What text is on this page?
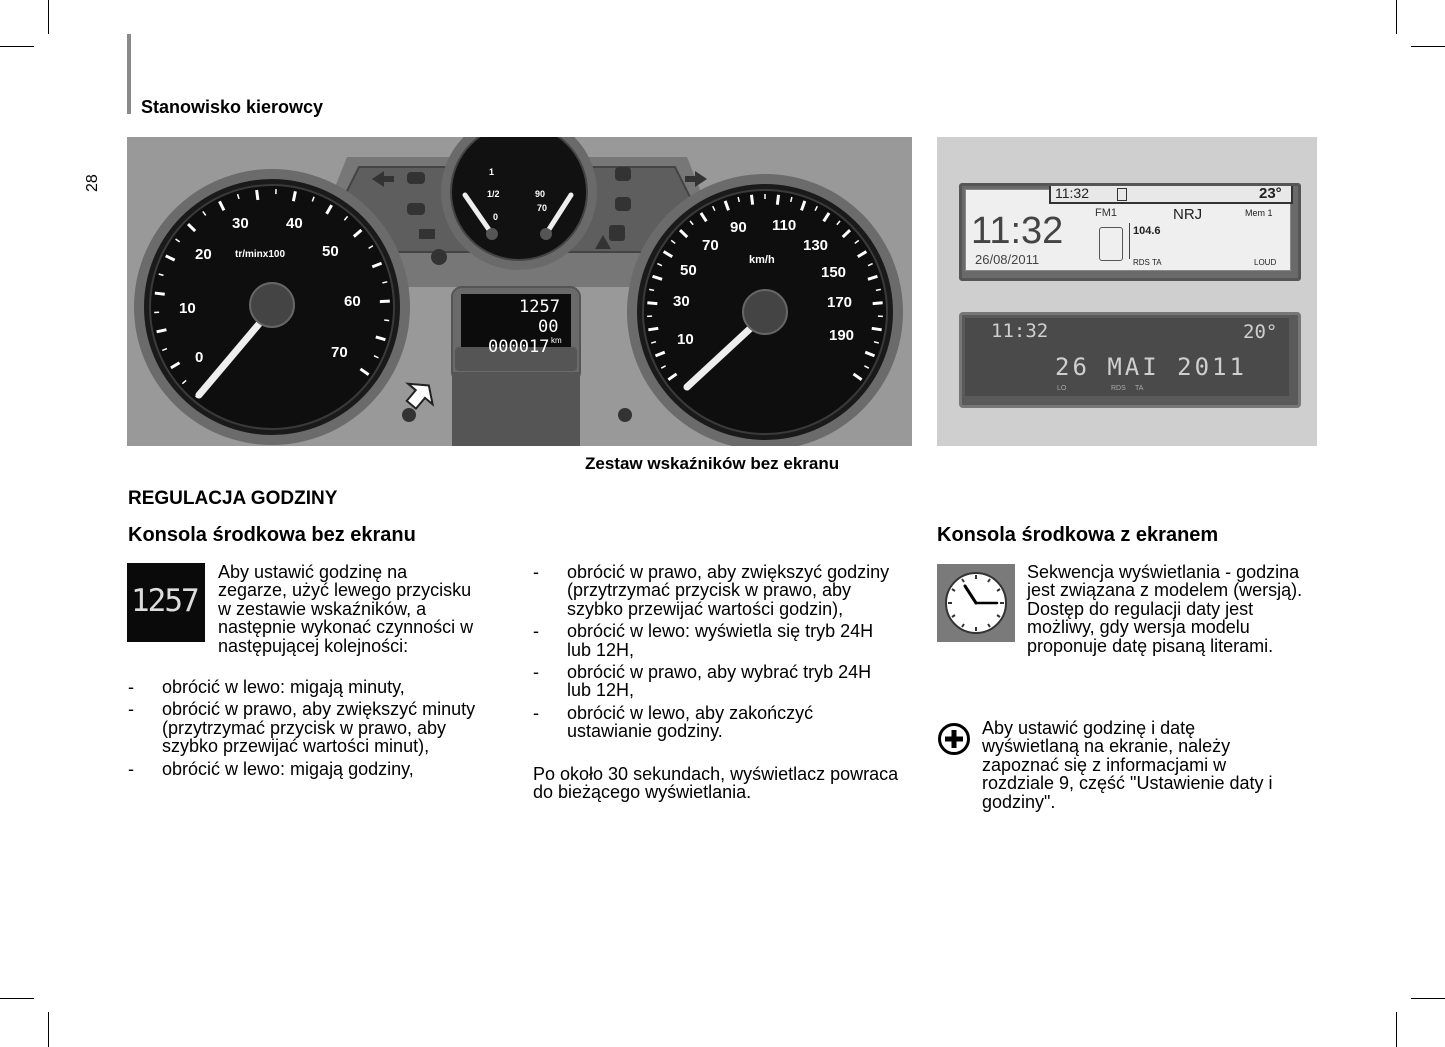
28
Stanowisko kierowcy
0
10
20
30 40
50
60
70
tr/minx100
10
30
50
70
90 110
130
150
170
190
km/h
1
1/2
0
90
70
1257
00
000017 km
Zestaw wskaźników bez ekranu
11:32	23°
11:32
26/08/2011
FM1	NRJ	Mem 1
104.6
RDS TA	LOUD
11:32	20°
26 MAI 2011
LO	RDS TA
REGULACJA GODZINY
Konsola środkowa bez ekranu
1257
Aby ustawić godzinę na zegarze, użyć lewego przycisku w zestawie wskaźników, a następnie wykonać czynności w następującej kolejności:
- obrócić w lewo: migają minuty,
- obrócić w prawo, aby zwiększyć minuty (przytrzymać przycisk w prawo, aby szybko przewijać wartości minut),
- obrócić w lewo: migają godziny,
- obrócić w prawo, aby zwiększyć godziny (przytrzymać przycisk w prawo, aby szybko przewijać wartości godzin),
- obrócić w lewo: wyświetla się tryb 24H lub 12H,
- obrócić w prawo, aby wybrać tryb 24H lub 12H,
- obrócić w lewo, aby zakończyć ustawianie godziny.
Po około 30 sekundach, wyświetlacz powraca do bieżącego wyświetlania.
Konsola środkowa z ekranem
Sekwencja wyświetlania - godzina jest związana z modelem (wersją). Dostęp do regulacji daty jest możliwy, gdy wersja modelu proponuje datę pisaną literami.
Aby ustawić godzinę i datę wyświetlaną na ekranie, należy zapoznać się z informacjami w rozdziale 9, część "Ustawienie daty i godziny".
